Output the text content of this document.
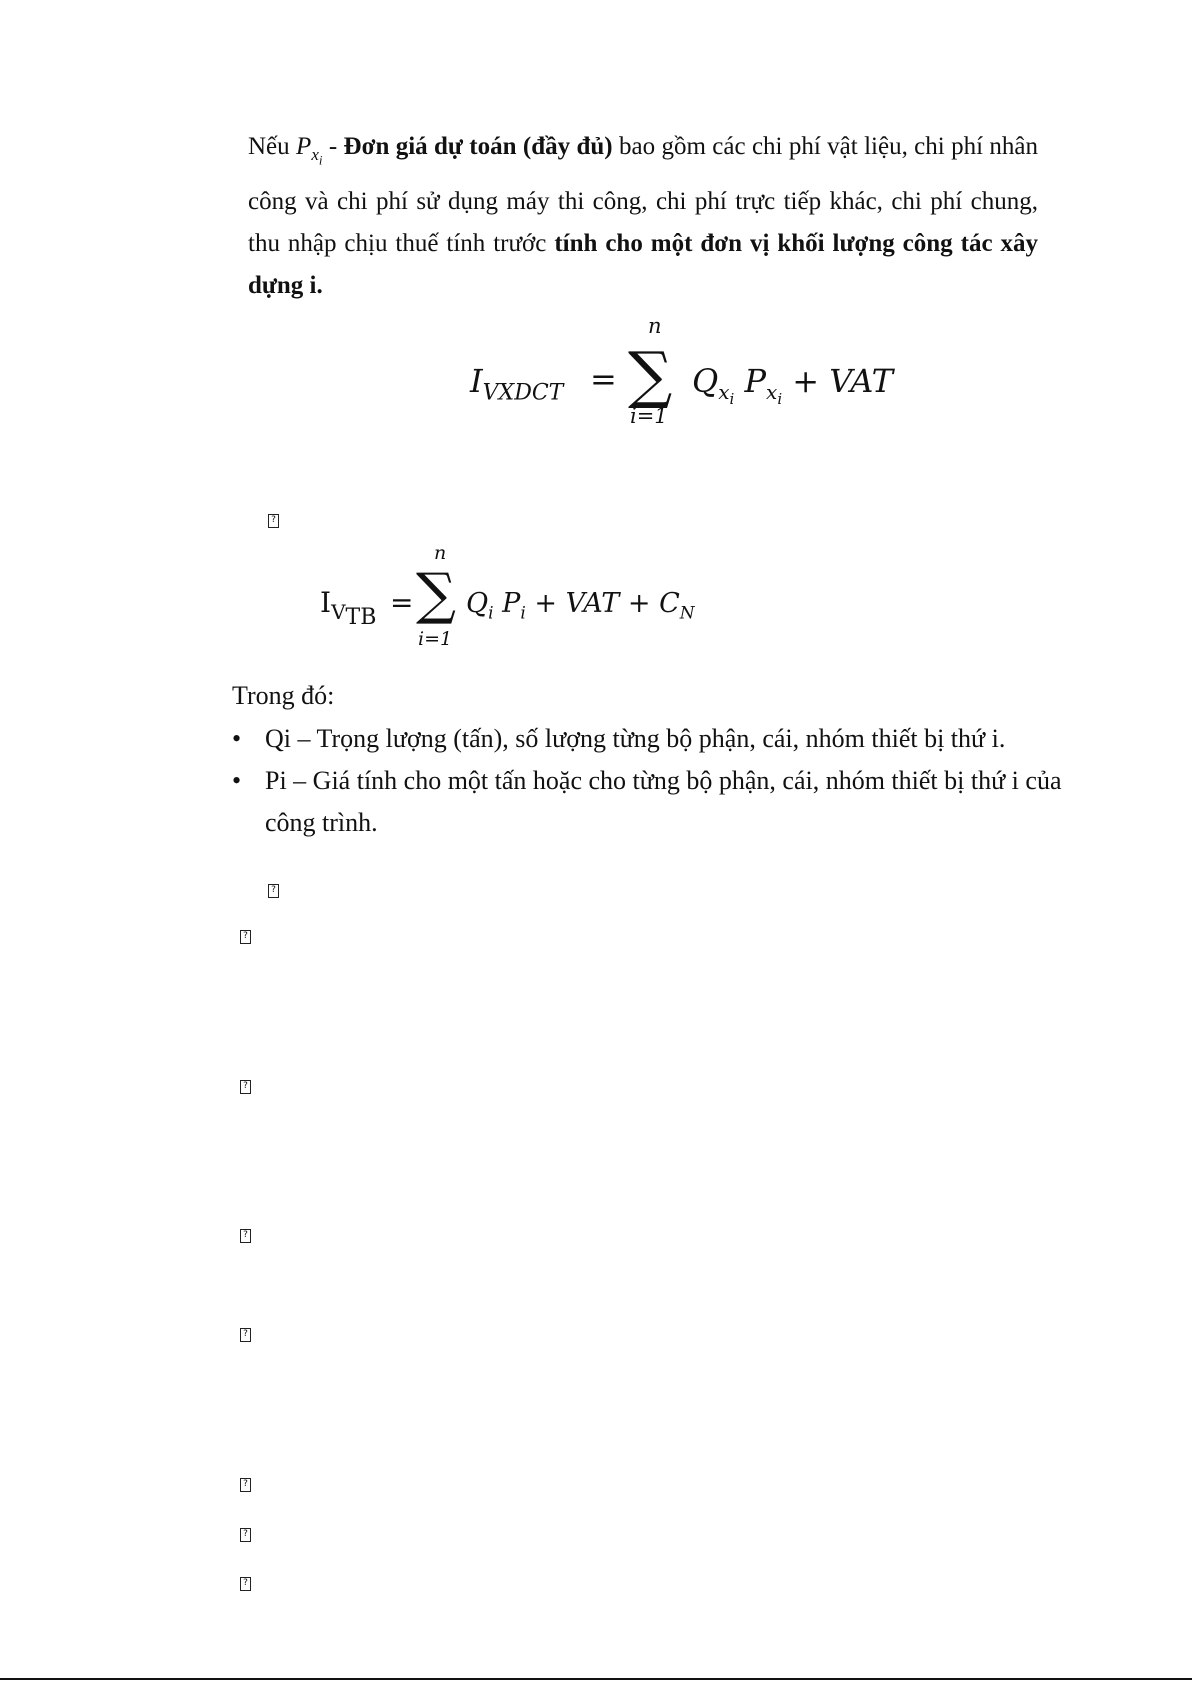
Nếu $P_{x_i}$ - Đơn giá dự toán (đầy đủ) bao gồm các chi phí vật liệu, chi phí nhân công và chi phí sử dụng máy thi công, chi phí trực tiếp khác, chi phí chung, thu nhập chịu thuế tính trước tính cho một đơn vị khối lượng công tác xây dựng i.
$I_{VXDCT}$ =
n
∑
i=1
$Q_{x_i}$ $P_{x_i}$ + VAT
?
$I_{V_{TB}}$ =
n
∑
i=1
$Q_i$ $P_i$ + VAT + $C_N$
Trong đó:
• Qi – Trọng lượng (tấn), số lượng từng bộ phận, cái, nhóm thiết bị thứ i.
• Pi – Giá tính cho một tấn hoặc cho từng bộ phận, cái, nhóm thiết bị thứ i của công trình.
?
?
?
?
?
?
?
?
